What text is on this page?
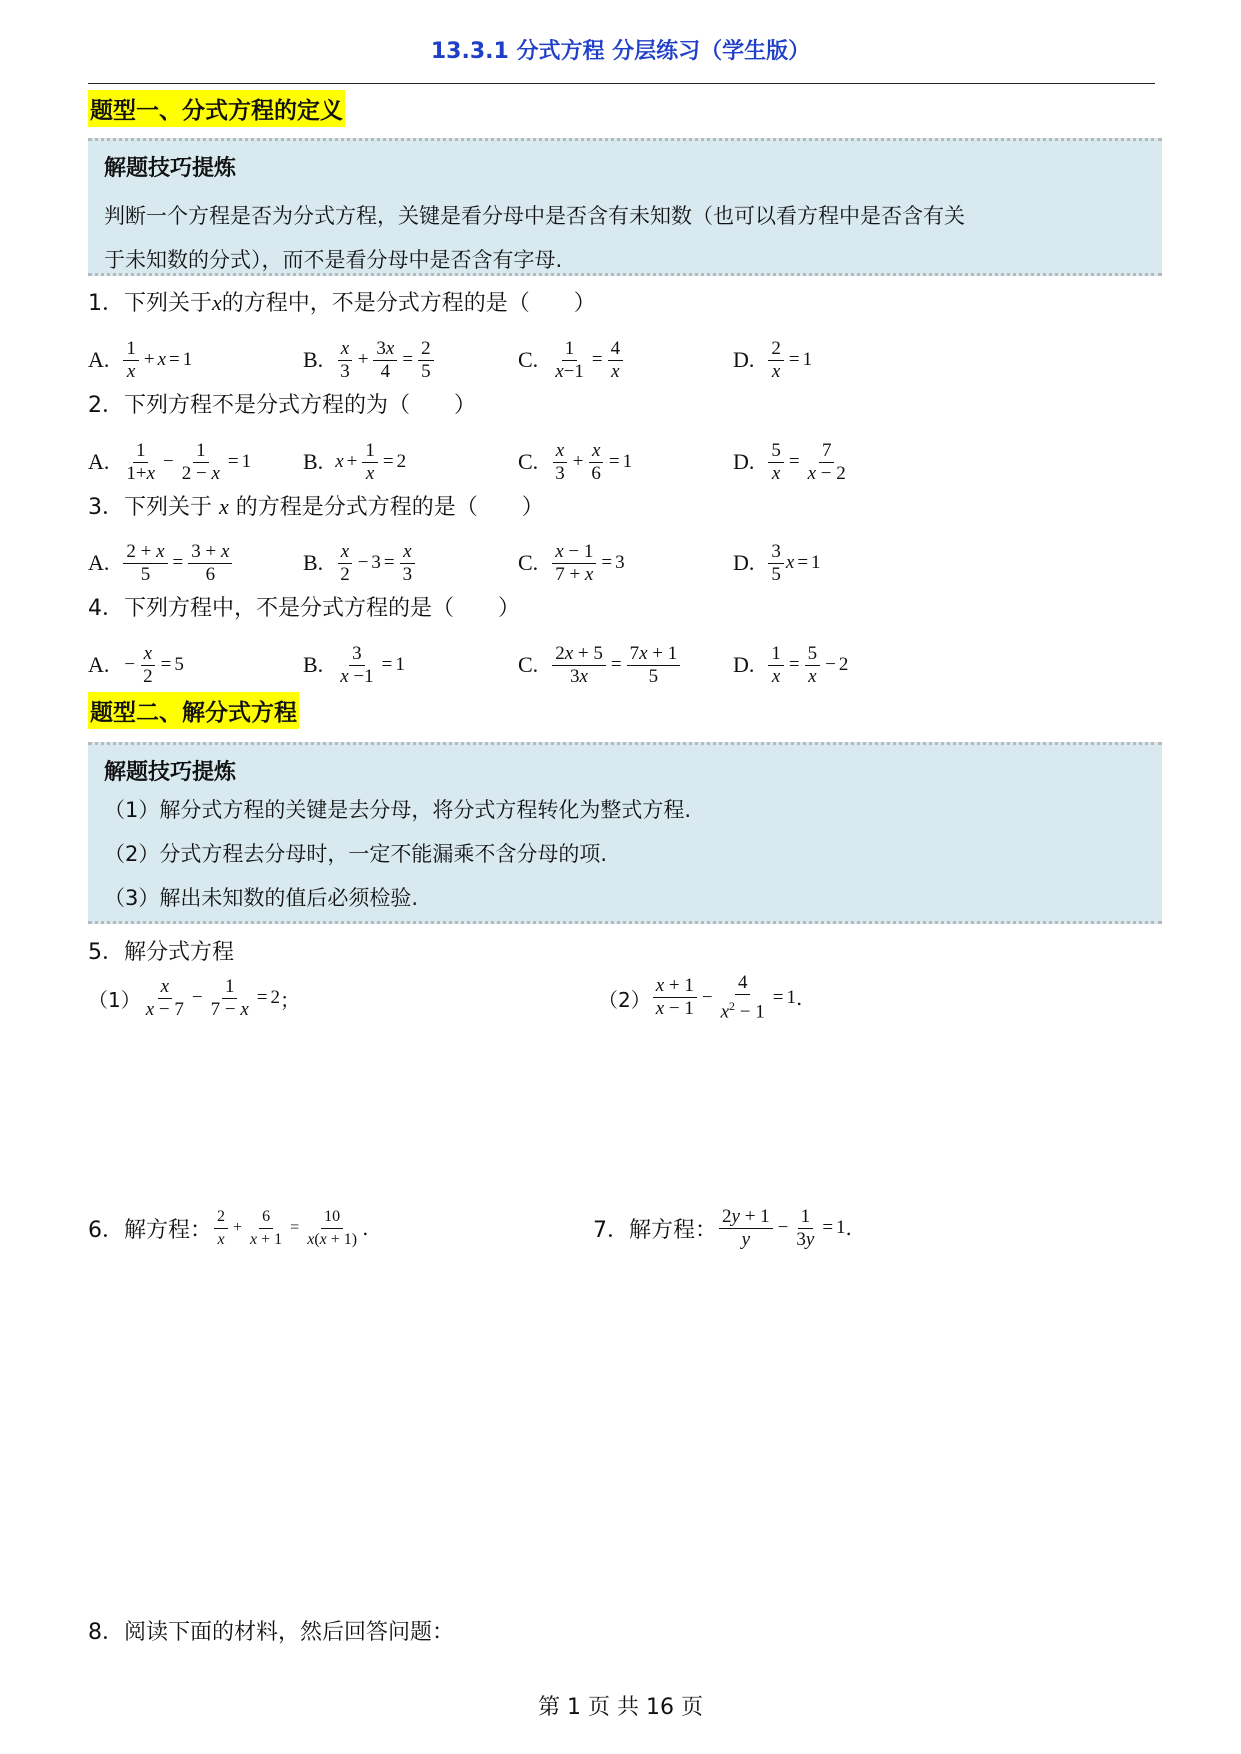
13.3.1 分式方程 分层练习（学生版）
题型一、分式方程的定义
解题技巧提炼
判断一个方程是否为分式方程，关键是看分母中是否含有未知数（也可以看方程中是否含有关
于未知数的分式），而不是看分母中是否含有字母.
1．下列关于x的方程中，不是分式方程的是（　　）
A. $\frac{1}{x} + x = 1$	B. $\frac{x}{3} + \frac{3x}{4} = \frac{2}{5}$	C. $\frac{1}{x-1} = \frac{4}{x}$	D. $\frac{2}{x} = 1$
2．下列方程不是分式方程的为（　　）
A. $\frac{1}{1+x} - \frac{1}{2 - x} = 1$ B. $x + \frac{1}{x} = 2$	C. $\frac{x}{3} + \frac{x}{6} = 1$	D. $\frac{5}{x} = \frac{7}{x - 2}$
3．下列关于 x 的方程是分式方程的是（　　）
A. $\frac{2 + x}{5} = \frac{3 + x}{6}$	B. $\frac{x}{2} - 3 = \frac{x}{3}$	C. $\frac{x - 1}{7 + x} = 3$	D. $\frac{3}{5}$ x = 1
4．下列方程中，不是分式方程的是（　　）
A. − $\frac{x}{2} = 5$	B. $\frac{3}{x -1} = 1$	C. $\frac{2x + 5}{3x} = \frac{7x + 1}{5} D$. $\frac{1}{x} = \frac{5}{x} - 2$
题型二、解分式方程
解题技巧提炼
（1）解分式方程的关键是去分母，将分式方程转化为整式方程.
（2）分式方程去分母时，一定不能漏乘不含分母的项.
（3）解出未知数的值后必须检验.
5．解分式方程
$(1) \frac{x}{x - 7} - \frac{1}{7 - x} = 2$ ；	$(2) \frac{x + 1}{x - 1} - \frac{4}{x^2 - 1} = 1$ .
6．解方程： $\frac{2}{x} + \frac{6}{x + 1} = \frac{10}{x(x + 1)}$ .	7．解方程： $\frac{2y + 1}{y} - \frac{1}{3y} = 1$ .
8．阅读下面的材料，然后回答问题：
第 1 页 共 16 页
